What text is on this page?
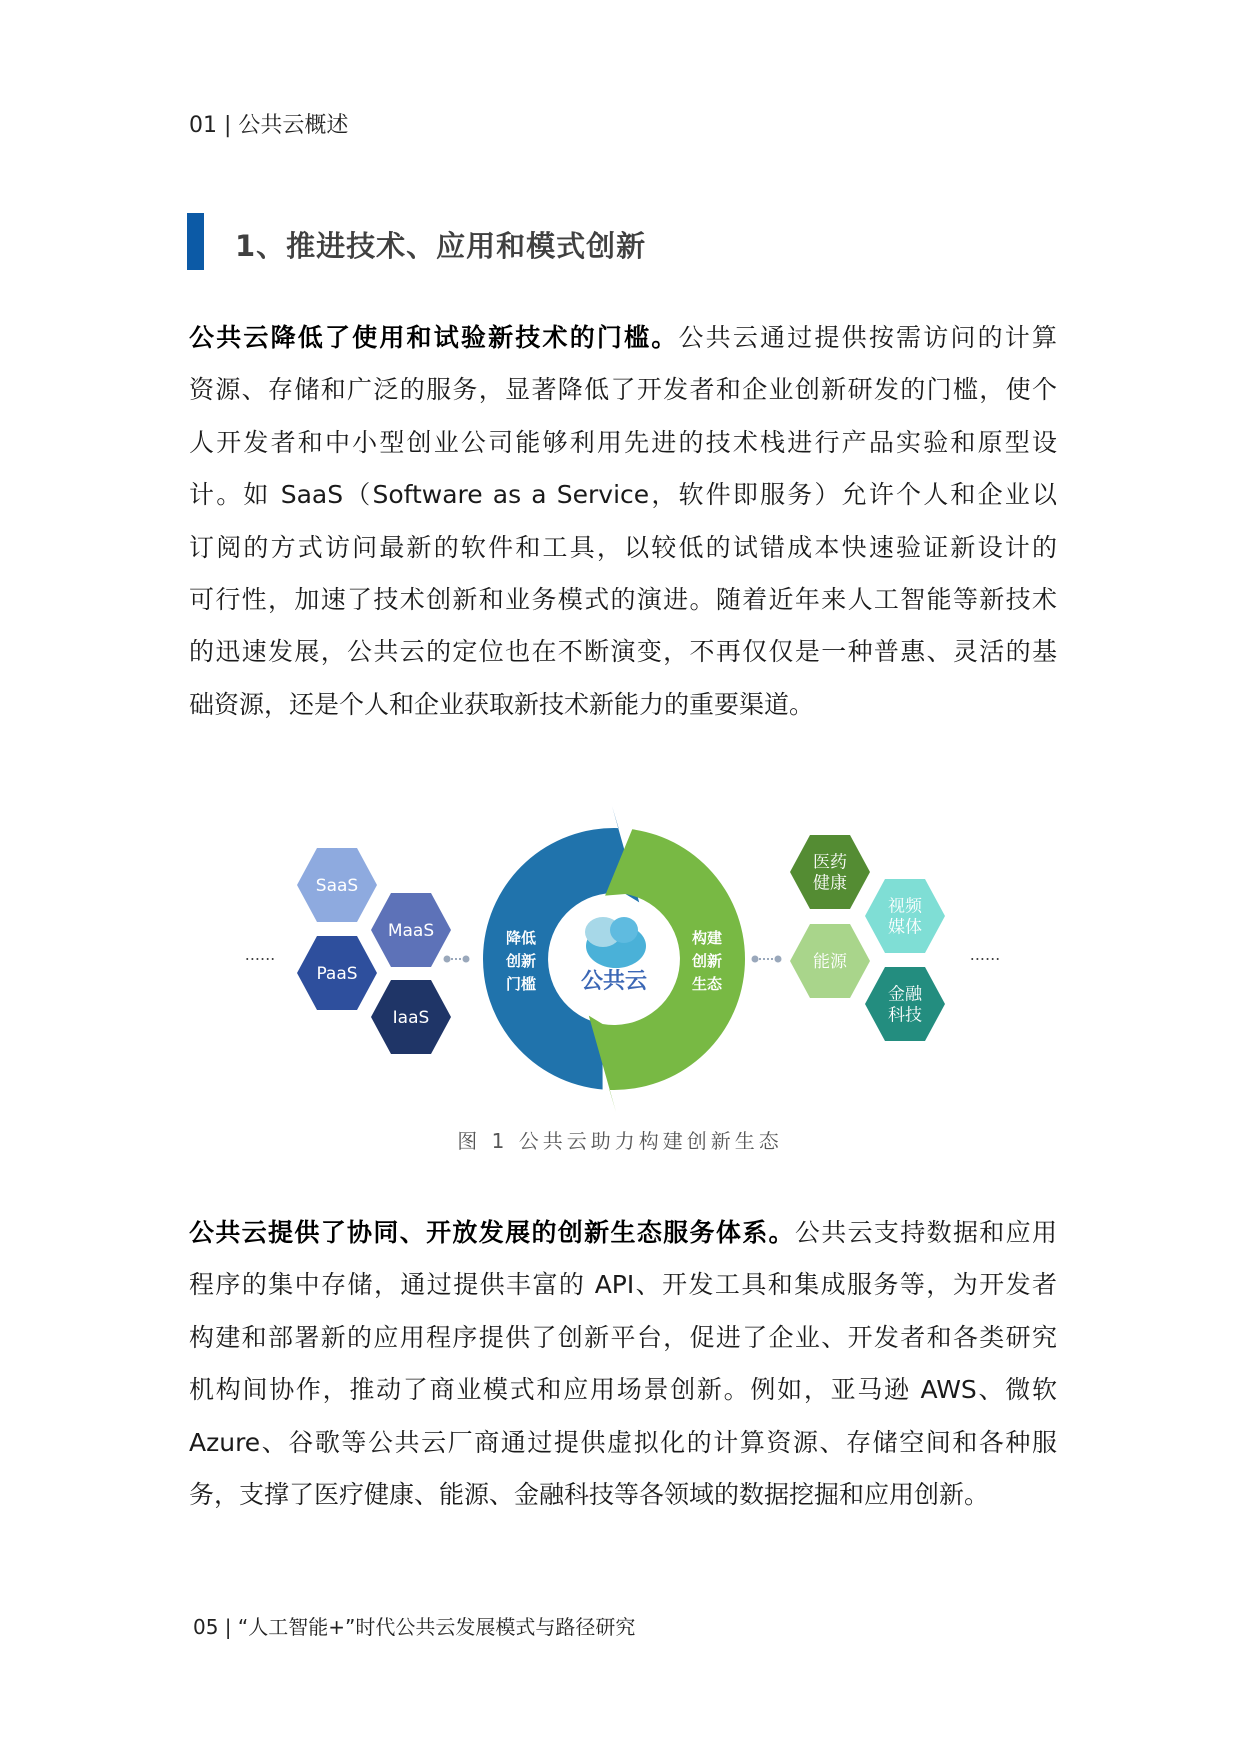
01 | 公共云概述
1、推进技术、应用和模式创新
公共云降低了使用和试验新技术的门槛。公共云通过提供按需访问的计算
资源、存储和广泛的服务，显著降低了开发者和企业创新研发的门槛，使个
人开发者和中小型创业公司能够利用先进的技术栈进行产品实验和原型设
计。如 SaaS（Software as a Service，软件即服务）允许个人和企业以
订阅的方式访问最新的软件和工具，以较低的试错成本快速验证新设计的
可行性，加速了技术创新和业务模式的演进。随着近年来人工智能等新技术
的迅速发展，公共云的定位也在不断演变，不再仅仅是一种普惠、灵活的基
础资源，还是个人和企业获取新技术新能力的重要渠道。
......	......
SaaS
MaaS
PaaS
IaaS
公共云
降低
创新
门槛
构建
创新
生态
医药
健康
视频
媒体
能源
金融
科技
图 1 公共云助力构建创新生态
公共云提供了协同、开放发展的创新生态服务体系。公共云支持数据和应用
程序的集中存储，通过提供丰富的 API、开发工具和集成服务等，为开发者
构建和部署新的应用程序提供了创新平台，促进了企业、开发者和各类研究
机构间协作，推动了商业模式和应用场景创新。例如，亚马逊 AWS、微软
Azure、谷歌等公共云厂商通过提供虚拟化的计算资源、存储空间和各种服
务，支撑了医疗健康、能源、金融科技等各领域的数据挖掘和应用创新。
05 | “人工智能+”时代公共云发展模式与路径研究
